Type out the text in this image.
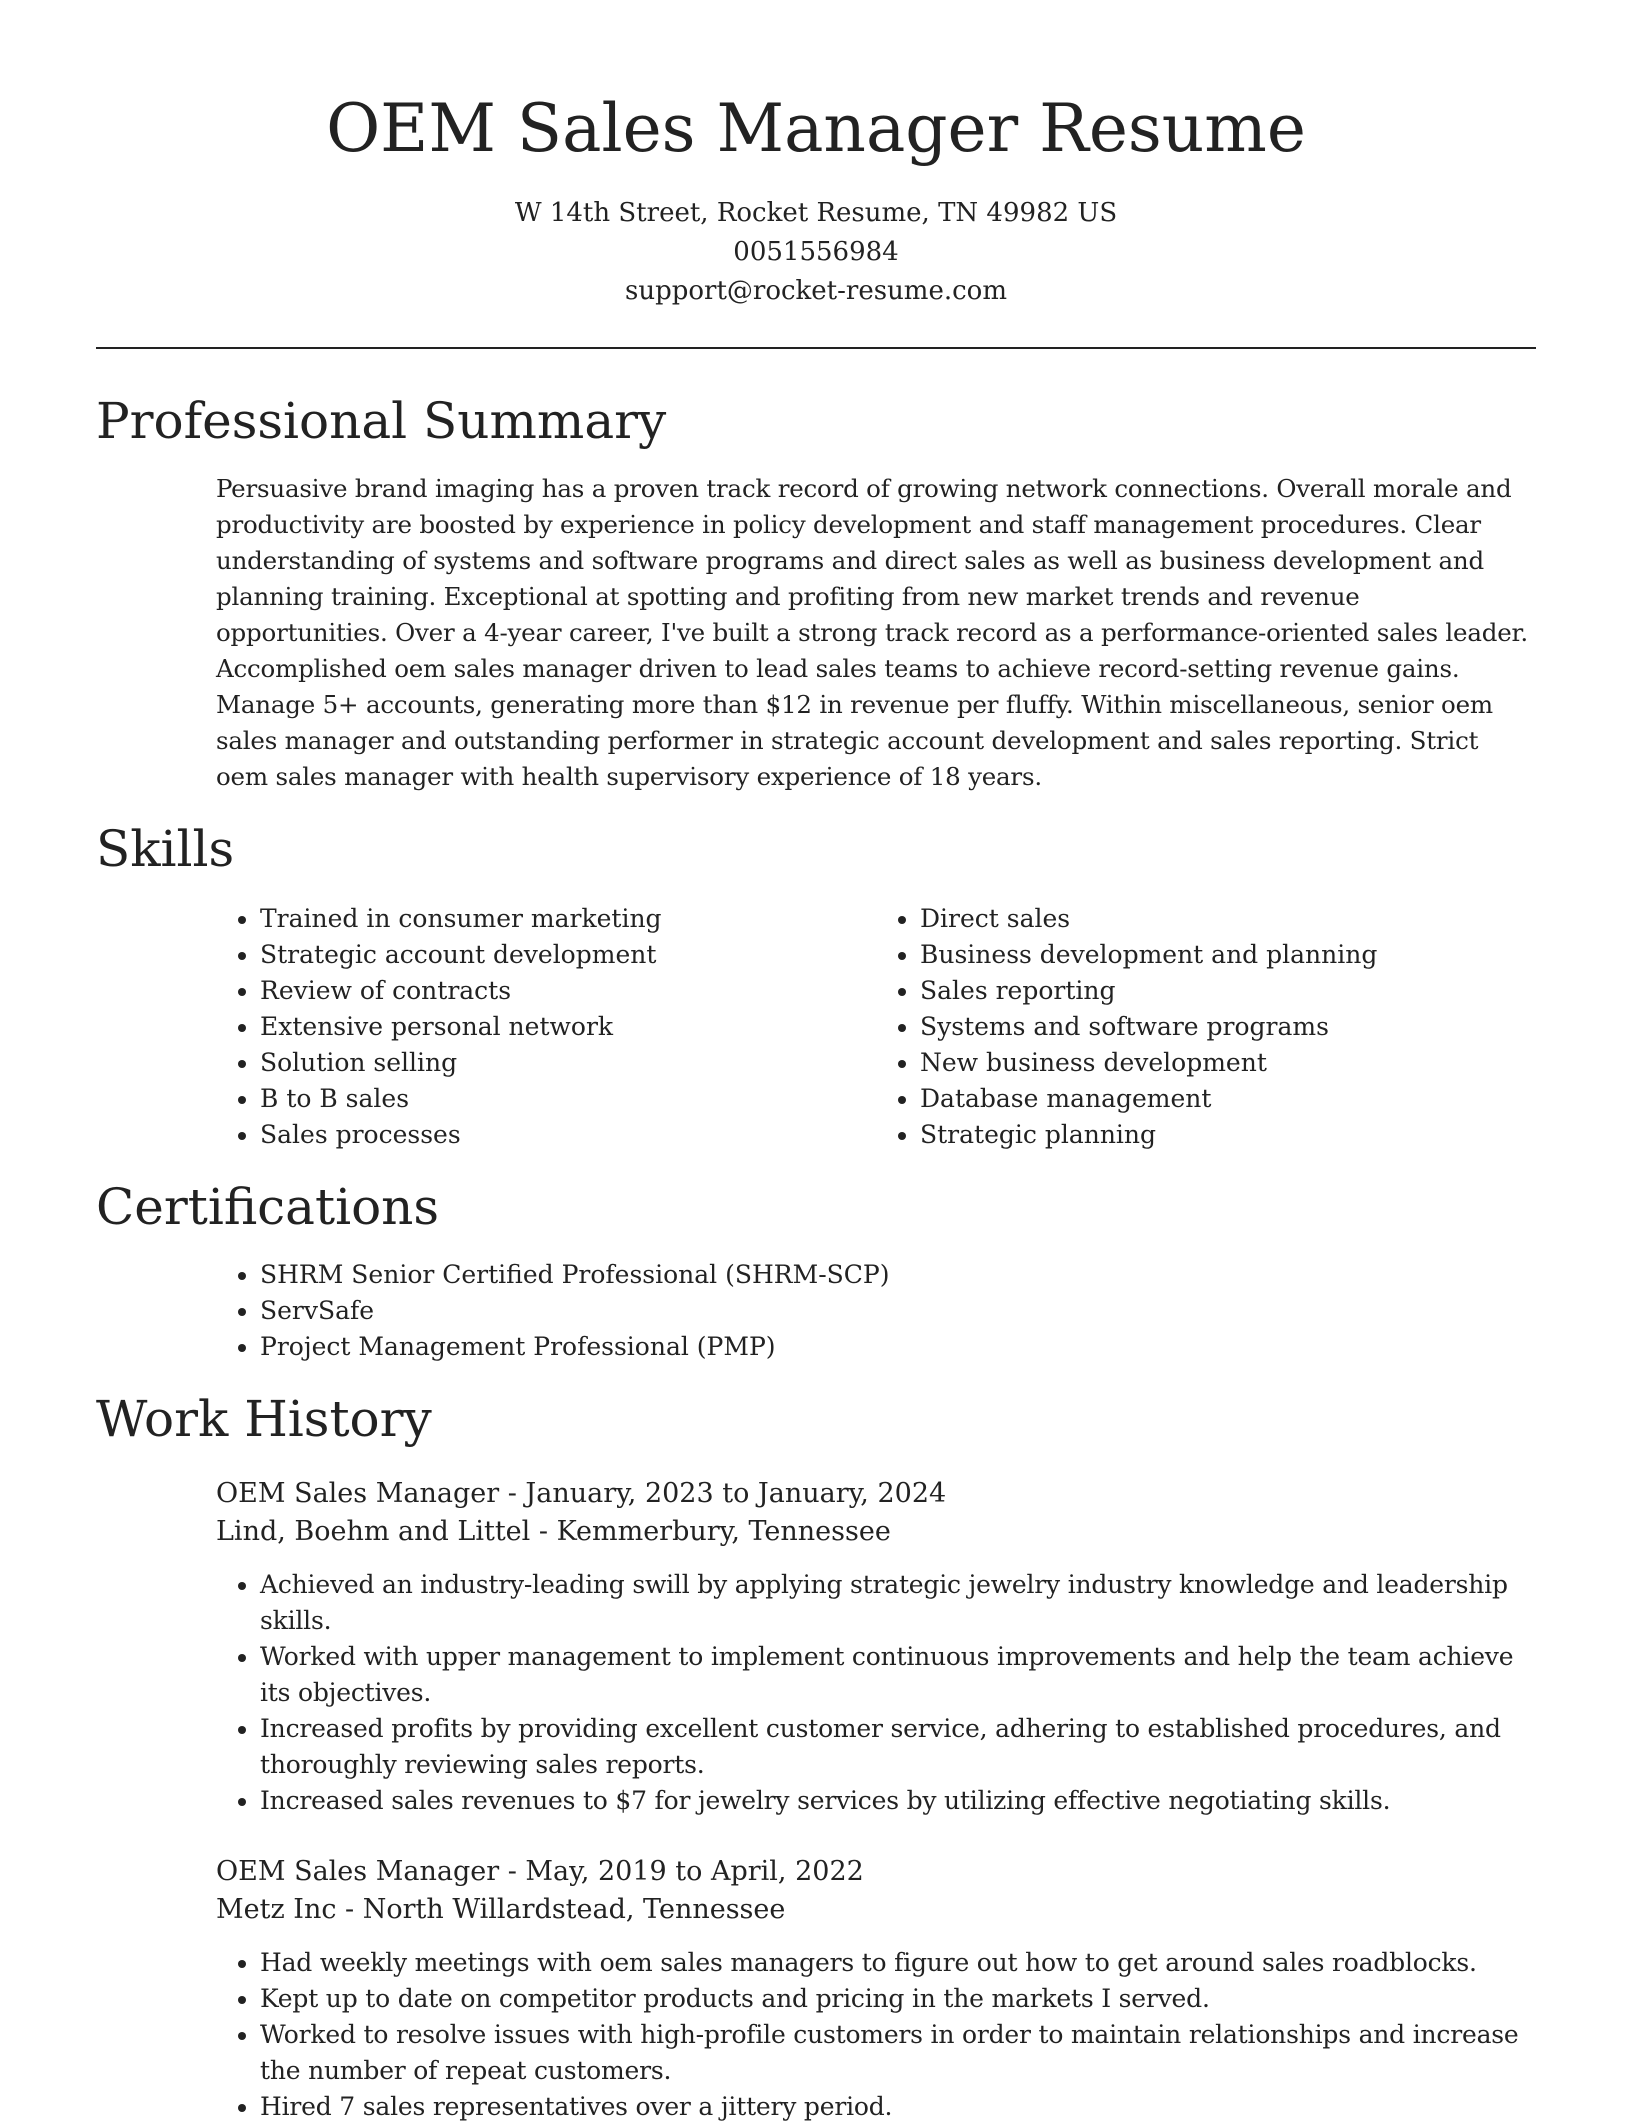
OEM Sales Manager Resume
W 14th Street, Rocket Resume, TN 49982 US
0051556984
support@rocket-resume.com
Professional Summary
Persuasive brand imaging has a proven track record of growing network connections. Overall morale and productivity are boosted by experience in policy development and staff management procedures. Clear understanding of systems and software programs and direct sales as well as business development and planning training. Exceptional at spotting and profiting from new market trends and revenue opportunities. Over a 4-year career, I've built a strong track record as a performance-oriented sales leader. Accomplished oem sales manager driven to lead sales teams to achieve record-setting revenue gains. Manage 5+ accounts, generating more than $12 in revenue per fluffy. Within miscellaneous, senior oem sales manager and outstanding performer in strategic account development and sales reporting. Strict oem sales manager with health supervisory experience of 18 years.
Skills
• Trained in consumer marketing
• Strategic account development
• Review of contracts
• Extensive personal network
• Solution selling
• B to B sales
• Sales processes
• Direct sales
• Business development and planning
• Sales reporting
• Systems and software programs
• New business development
• Database management
• Strategic planning
Certifications
• SHRM Senior Certified Professional (SHRM-SCP)
• ServSafe
• Project Management Professional (PMP)
Work History
OEM Sales Manager - January, 2023 to January, 2024
Lind, Boehm and Littel - Kemmerbury, Tennessee
• Achieved an industry-leading swill by applying strategic jewelry industry knowledge and leadership skills.
• Worked with upper management to implement continuous improvements and help the team achieve its objectives.
• Increased profits by providing excellent customer service, adhering to established procedures, and thoroughly reviewing sales reports.
• Increased sales revenues to $7 for jewelry services by utilizing effective negotiating skills.
OEM Sales Manager - May, 2019 to April, 2022
Metz Inc - North Willardstead, Tennessee
• Had weekly meetings with oem sales managers to figure out how to get around sales roadblocks.
• Kept up to date on competitor products and pricing in the markets I served.
• Worked to resolve issues with high-profile customers in order to maintain relationships and increase the number of repeat customers.
• Hired 7 sales representatives over a jittery period.
